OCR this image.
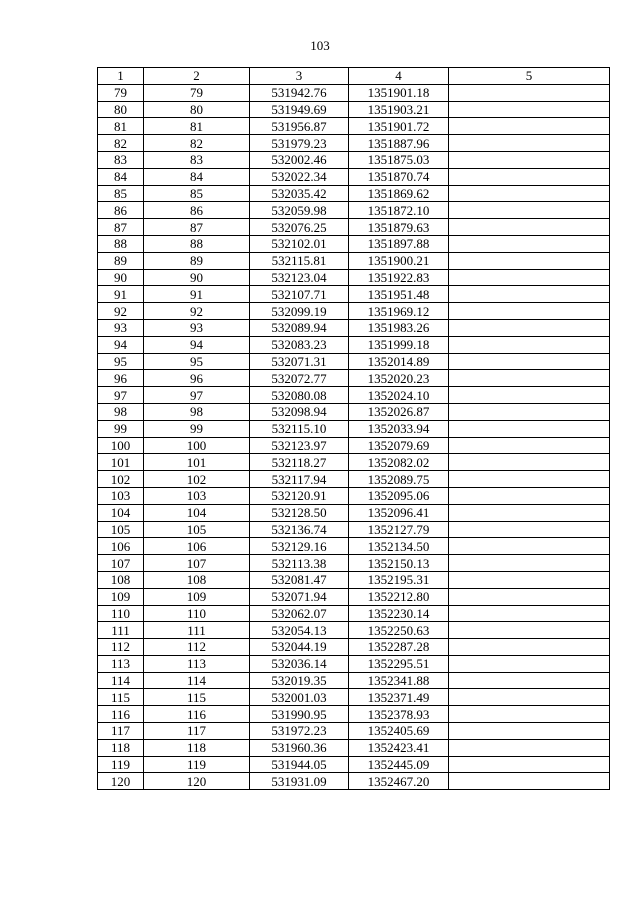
103
1	2	3	4	5
79	79	531942.76	1351901.18	
80	80	531949.69	1351903.21	
81	81	531956.87	1351901.72	
82	82	531979.23	1351887.96	
83	83	532002.46	1351875.03	
84	84	532022.34	1351870.74	
85	85	532035.42	1351869.62	
86	86	532059.98	1351872.10	
87	87	532076.25	1351879.63	
88	88	532102.01	1351897.88	
89	89	532115.81	1351900.21	
90	90	532123.04	1351922.83	
91	91	532107.71	1351951.48	
92	92	532099.19	1351969.12	
93	93	532089.94	1351983.26	
94	94	532083.23	1351999.18	
95	95	532071.31	1352014.89	
96	96	532072.77	1352020.23	
97	97	532080.08	1352024.10	
98	98	532098.94	1352026.87	
99	99	532115.10	1352033.94	
100	100	532123.97	1352079.69	
101	101	532118.27	1352082.02	
102	102	532117.94	1352089.75	
103	103	532120.91	1352095.06	
104	104	532128.50	1352096.41	
105	105	532136.74	1352127.79	
106	106	532129.16	1352134.50	
107	107	532113.38	1352150.13	
108	108	532081.47	1352195.31	
109	109	532071.94	1352212.80	
110	110	532062.07	1352230.14	
111	111	532054.13	1352250.63	
112	112	532044.19	1352287.28	
113	113	532036.14	1352295.51	
114	114	532019.35	1352341.88	
115	115	532001.03	1352371.49	
116	116	531990.95	1352378.93	
117	117	531972.23	1352405.69	
118	118	531960.36	1352423.41	
119	119	531944.05	1352445.09	
120	120	531931.09	1352467.20	
